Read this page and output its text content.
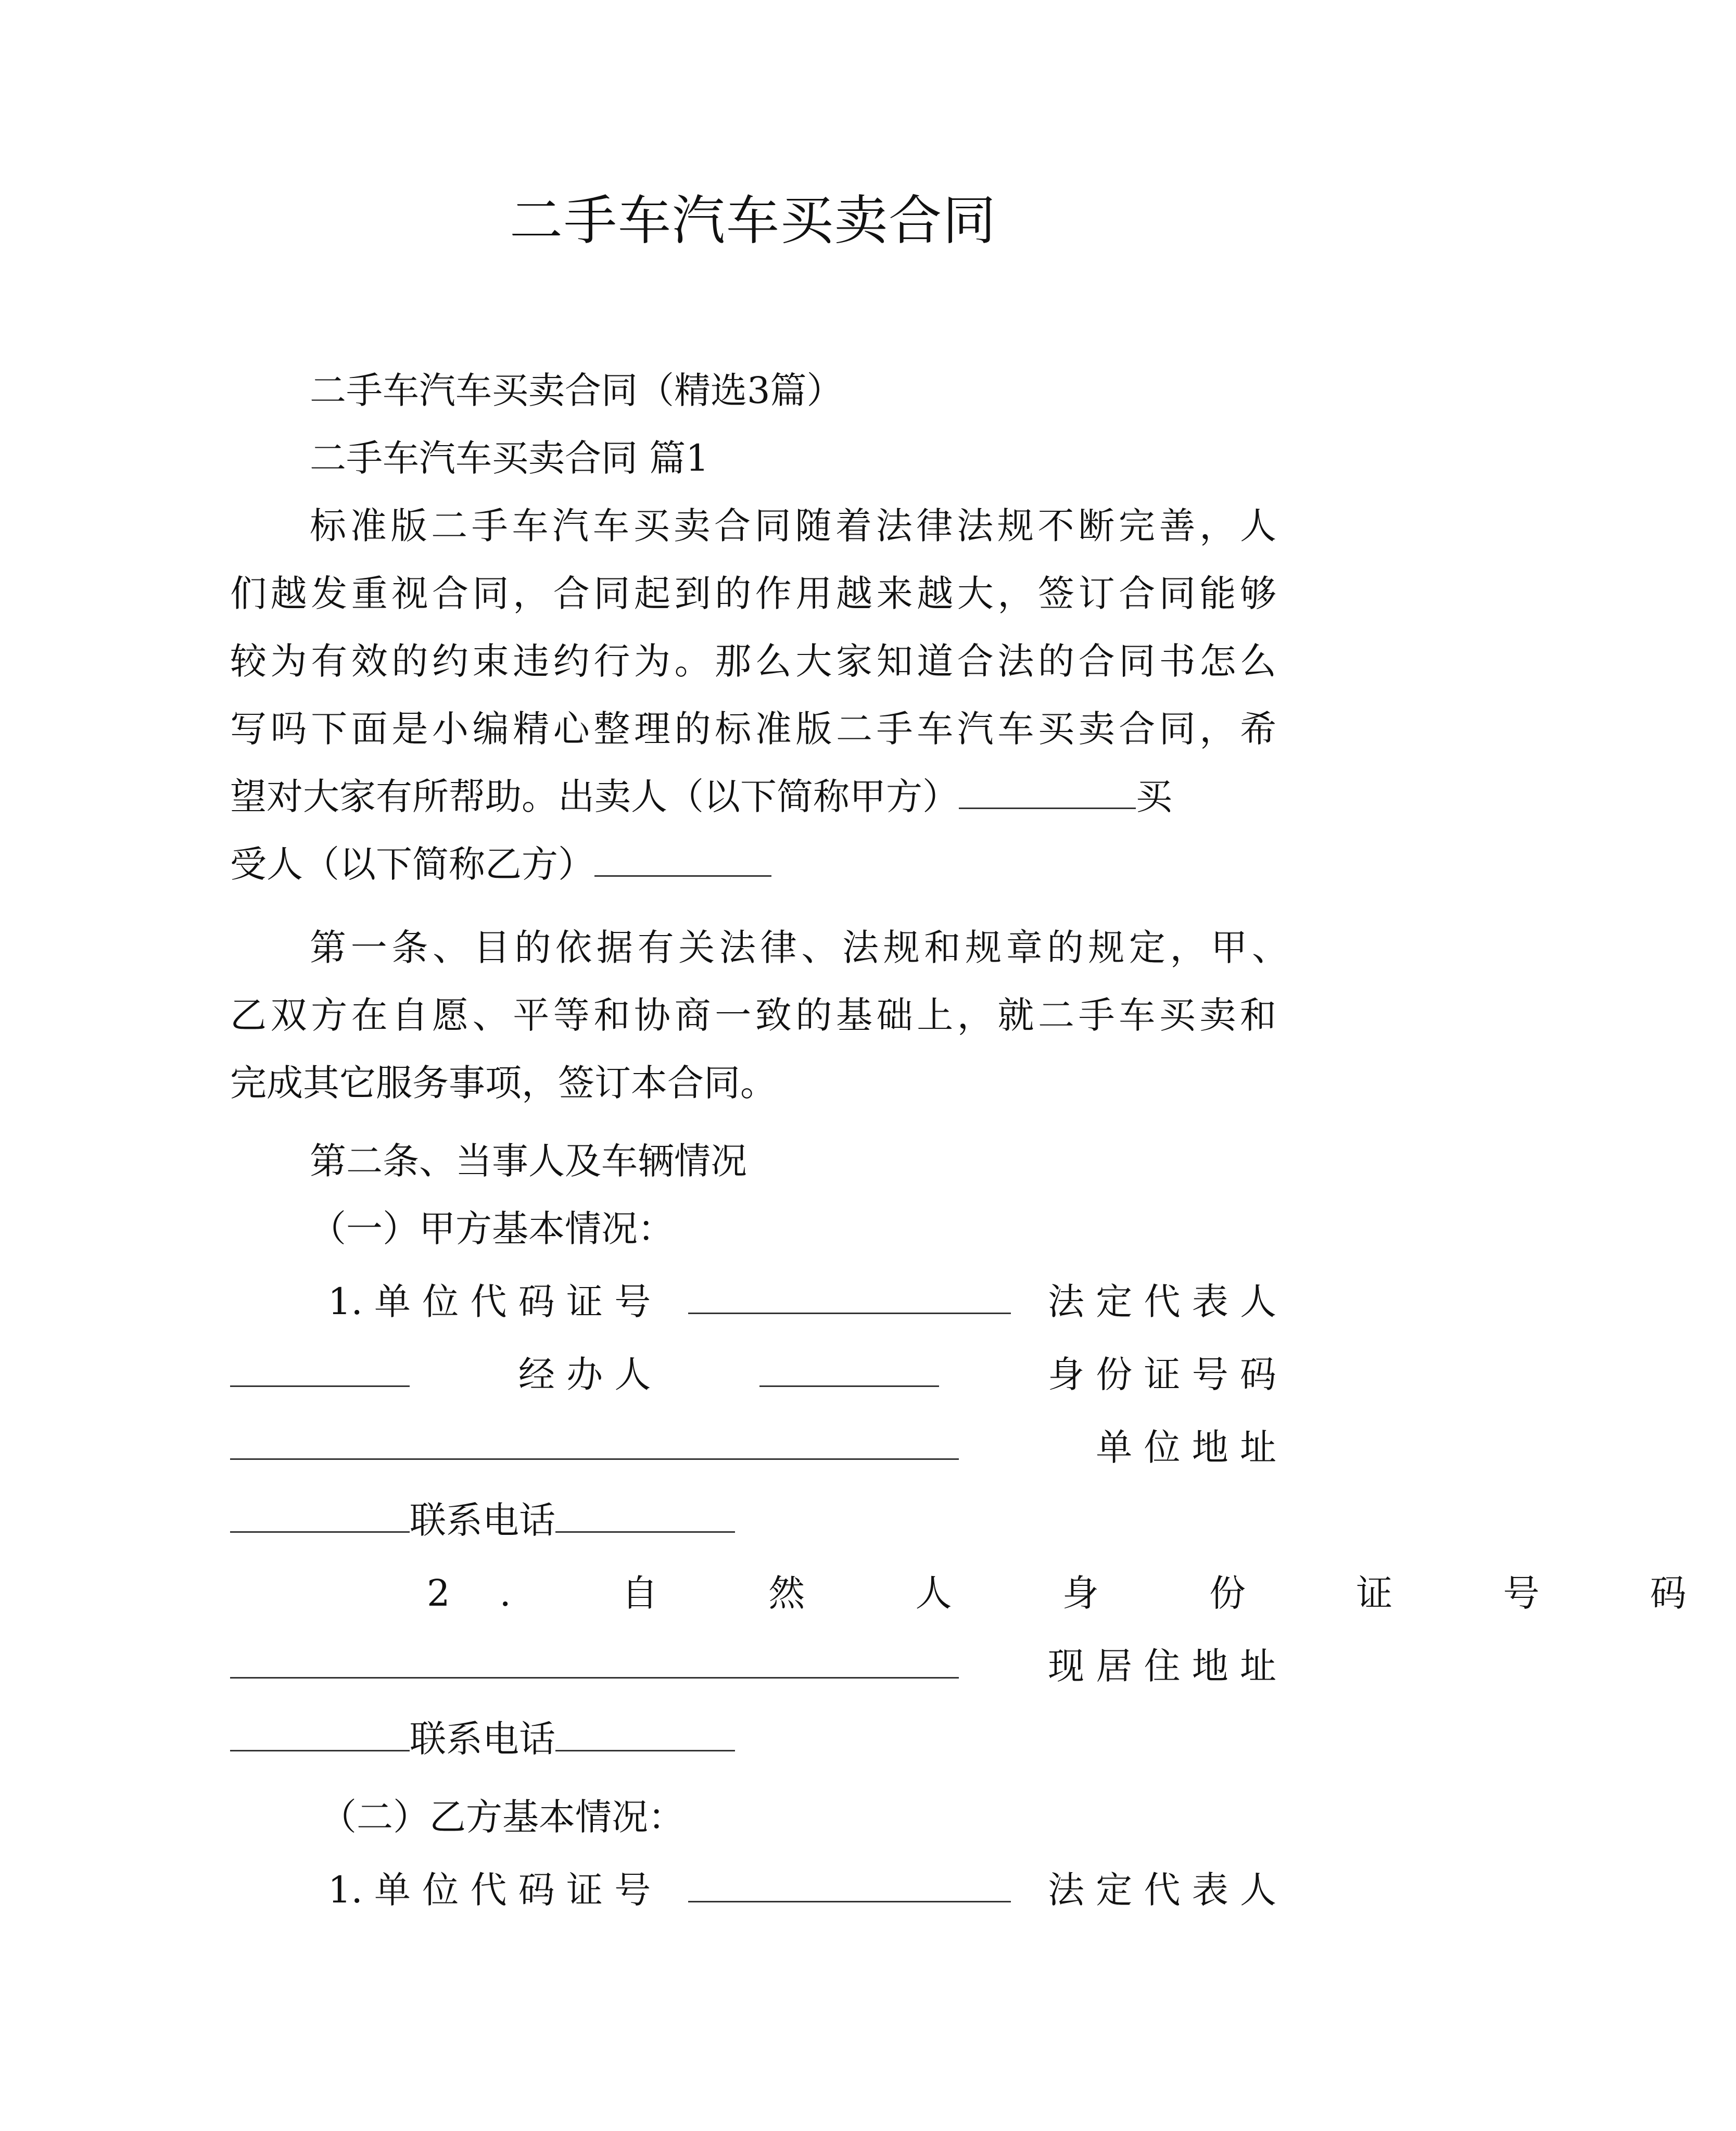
二手车汽车买卖合同
二手车汽车买卖合同（精选3篇）
二手车汽车买卖合同 篇1
标准版二手车汽车买卖合同随着法律法规不断完善，人
们越发重视合同，合同起到的作用越来越大，签订合同能够
较为有效的约束违约行为。那么大家知道合法的合同书怎么
写吗下面是小编精心整理的标准版二手车汽车买卖合同，希
望对大家有所帮助。出卖人（以下简称甲方）	买
受人（以下简称乙方）
第一条、目的依据有关法律、法规和规章的规定，甲、
乙双方在自愿、平等和协商一致的基础上，就二手车买卖和
完成其它服务事项，签订本合同。
第二条、当事人及车辆情况
（一）甲方基本情况：
1. 单 位 代 码 证 号	法 定 代 表 人
经 办 人	身 份 证 号 码
单 位 地 址
联系电话
2. 自 然 人 身 份 证 号 码
现 居 住 地 址
联系电话
（二）乙方基本情况：
1. 单 位 代 码 证 号	法 定 代 表 人
